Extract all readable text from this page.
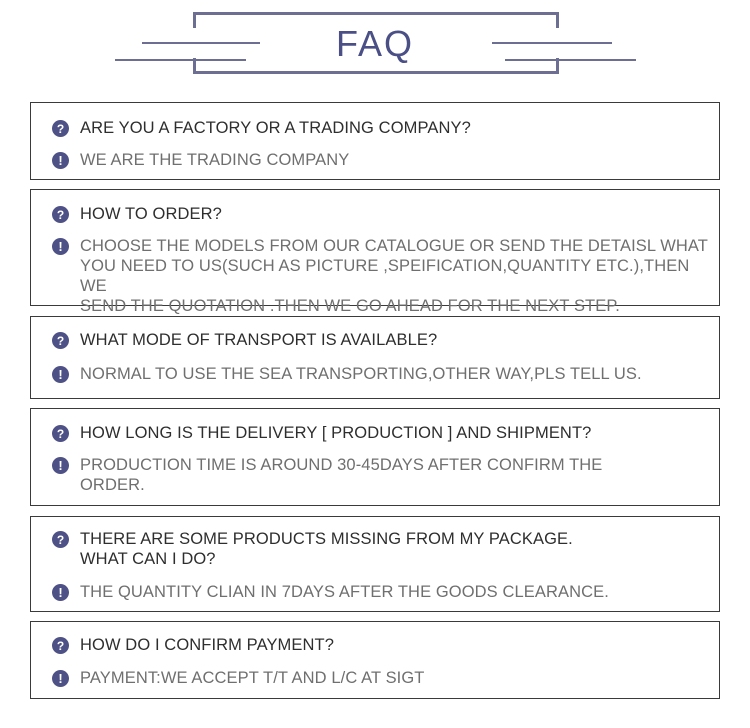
FAQ
? ARE YOU A FACTORY OR A TRADING COMPANY?
!	WE ARE THE TRADING COMPANY
? HOW TO ORDER?
!	CHOOSE THE MODELS FROM OUR CATALOGUE OR SEND THE DETAISL WHAT
YOU NEED TO US(SUCH AS PICTURE ,SPEIFICATION,QUANTITY ETC.),THEN WE
SEND THE QUOTATION .THEN WE GO AHEAD FOR THE NEXT STEP.
? WHAT MODE OF TRANSPORT IS AVAILABLE?
!	NORMAL TO USE THE SEA TRANSPORTING,OTHER WAY,PLS TELL US.
? HOW LONG IS THE DELIVERY [ PRODUCTION ] AND SHIPMENT?
!	PRODUCTION TIME IS AROUND 30-45DAYS AFTER CONFIRM THE
ORDER.
? THERE ARE SOME PRODUCTS MISSING FROM MY PACKAGE.
WHAT CAN I DO?
!	THE QUANTITY CLIAN IN 7DAYS AFTER THE GOODS CLEARANCE.
? HOW DO I CONFIRM PAYMENT?
!	PAYMENT:WE ACCEPT T/T AND L/C AT SIGT
